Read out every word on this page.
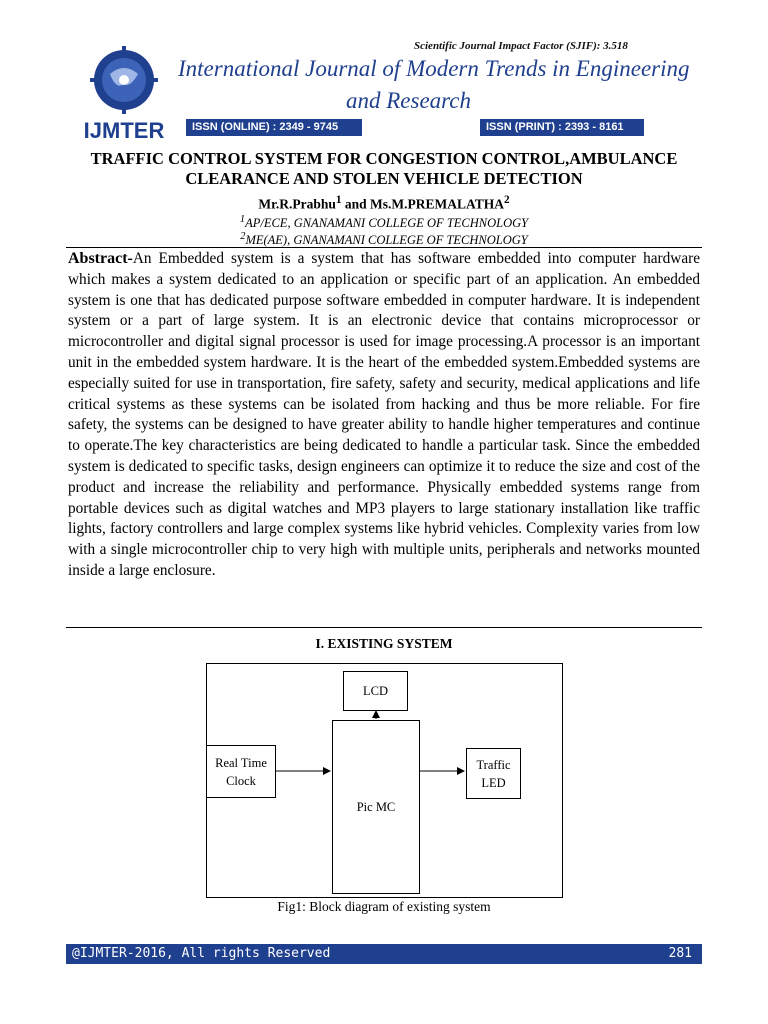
IJMTER
Scientific Journal Impact Factor (SJIF): 3.518
International Journal of Modern Trends in Engineering
and Research
ISSN (ONLINE) : 2349 - 9745	ISSN (PRINT) : 2393 - 8161
TRAFFIC CONTROL SYSTEM FOR CONGESTION CONTROL,AMBULANCE
CLEARANCE AND STOLEN VEHICLE DETECTION
Mr.R.Prabhu$^1$ and Ms.M.PREMALATHA$^2$
$^1$AP/ECE, GNANAMANI COLLEGE OF TECHNOLOGY
$^2$ME(AE), GNANAMANI COLLEGE OF TECHNOLOGY
Abstract-An Embedded system is a system that has software embedded into computer hardware which makes a system dedicated to an application or specific part of an application. An embedded system is one that has dedicated purpose software embedded in computer hardware. It is independent system or a part of large system. It is an electronic device that contains microprocessor or microcontroller and digital signal processor is used for image processing.A processor is an important unit in the embedded system hardware. It is the heart of the embedded system.Embedded systems are especially suited for use in transportation, fire safety, safety and security, medical applications and life critical systems as these systems can be isolated from hacking and thus be more reliable. For fire safety, the systems can be designed to have greater ability to handle higher temperatures and continue to operate.The key characteristics are being dedicated to handle a particular task. Since the embedded system is dedicated to specific tasks, design engineers can optimize it to reduce the size and cost of the product and increase the reliability and performance. Physically embedded systems range from portable devices such as digital watches and MP3 players to large stationary installation like traffic lights, factory controllers and large complex systems like hybrid vehicles. Complexity varies from low with a single microcontroller chip to very high with multiple units, peripherals and networks mounted inside a large enclosure.
I. EXISTING SYSTEM
LCD
Real Time
Clock
Pic MC
Traffic
LED
Fig1: Block diagram of existing system
@IJMTER-2016, All rights Reserved	281
